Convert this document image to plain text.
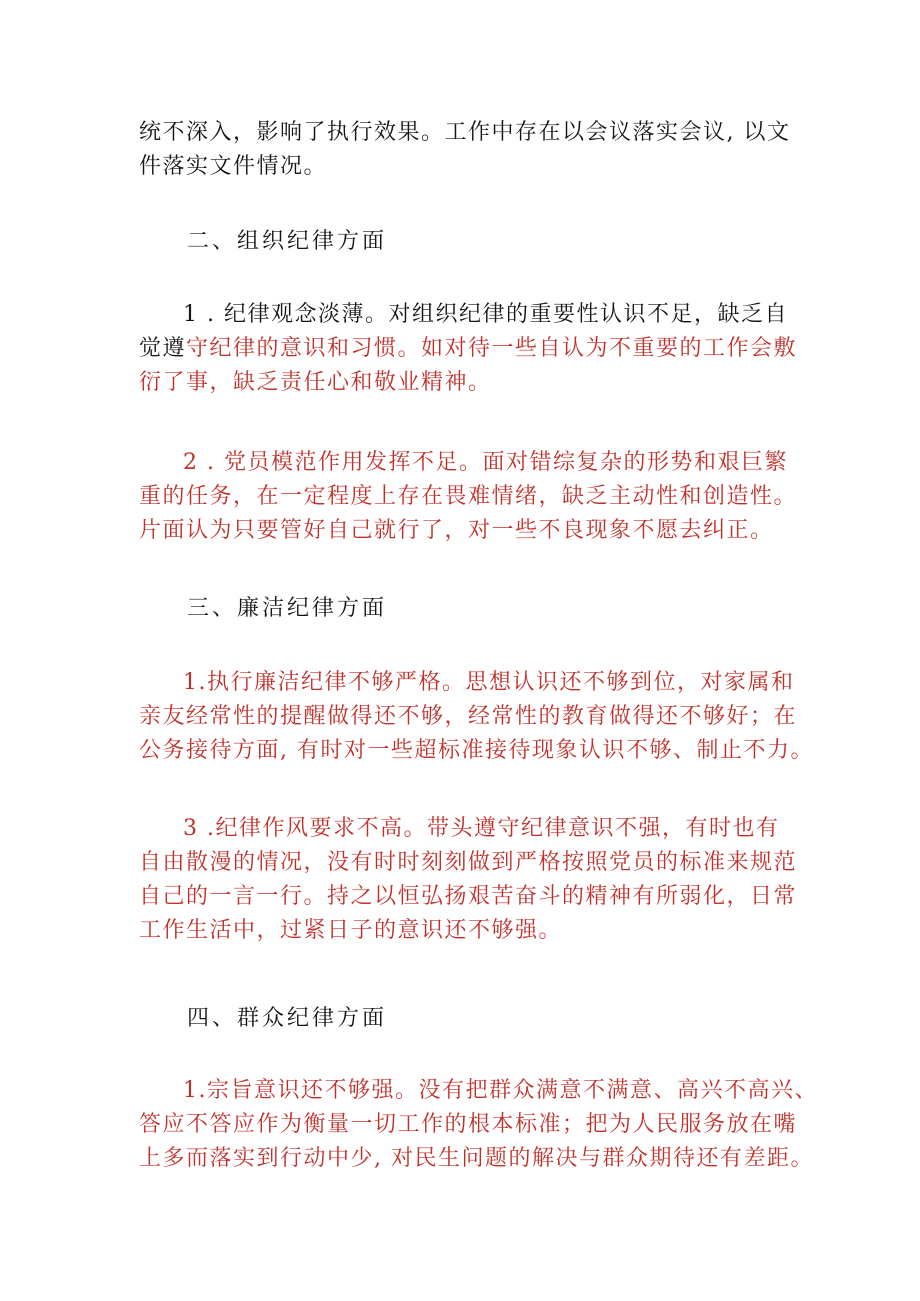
统不深入，影响了执行效果。工作中存在以会议落实会议, 以文
件落实文件情况。
二、组织纪律方面
1 . 纪律观念淡薄。对组织纪律的重要性认识不足，缺乏自
觉遵守纪律的意识和习惯。如对待一些自认为不重要的工作会敷
衍了事，缺乏责任心和敬业精神。
2 . 党员模范作用发挥不足。面对错综复杂的形势和艰巨繁
重的任务，在一定程度上存在畏难情绪，缺乏主动性和创造性。
片面认为只要管好自己就行了，对一些不良现象不愿去纠正。
三、廉洁纪律方面
1.执行廉洁纪律不够严格。思想认识还不够到位，对家属和
亲友经常性的提醒做得还不够，经常性的教育做得还不够好；在
公务接待方面, 有时对一些超标准接待现象认识不够、制止不力。
3 .纪律作风要求不高。带头遵守纪律意识不强，有时也有
自由散漫的情况，没有时时刻刻做到严格按照党员的标准来规范
自己的一言一行。持之以恒弘扬艰苦奋斗的精神有所弱化，日常
工作生活中，过紧日子的意识还不够强。
四、群众纪律方面
1.宗旨意识还不够强。没有把群众满意不满意、高兴不高兴、
答应不答应作为衡量一切工作的根本标准；把为人民服务放在嘴
上多而落实到行动中少, 对民生问题的解决与群众期待还有差距。
